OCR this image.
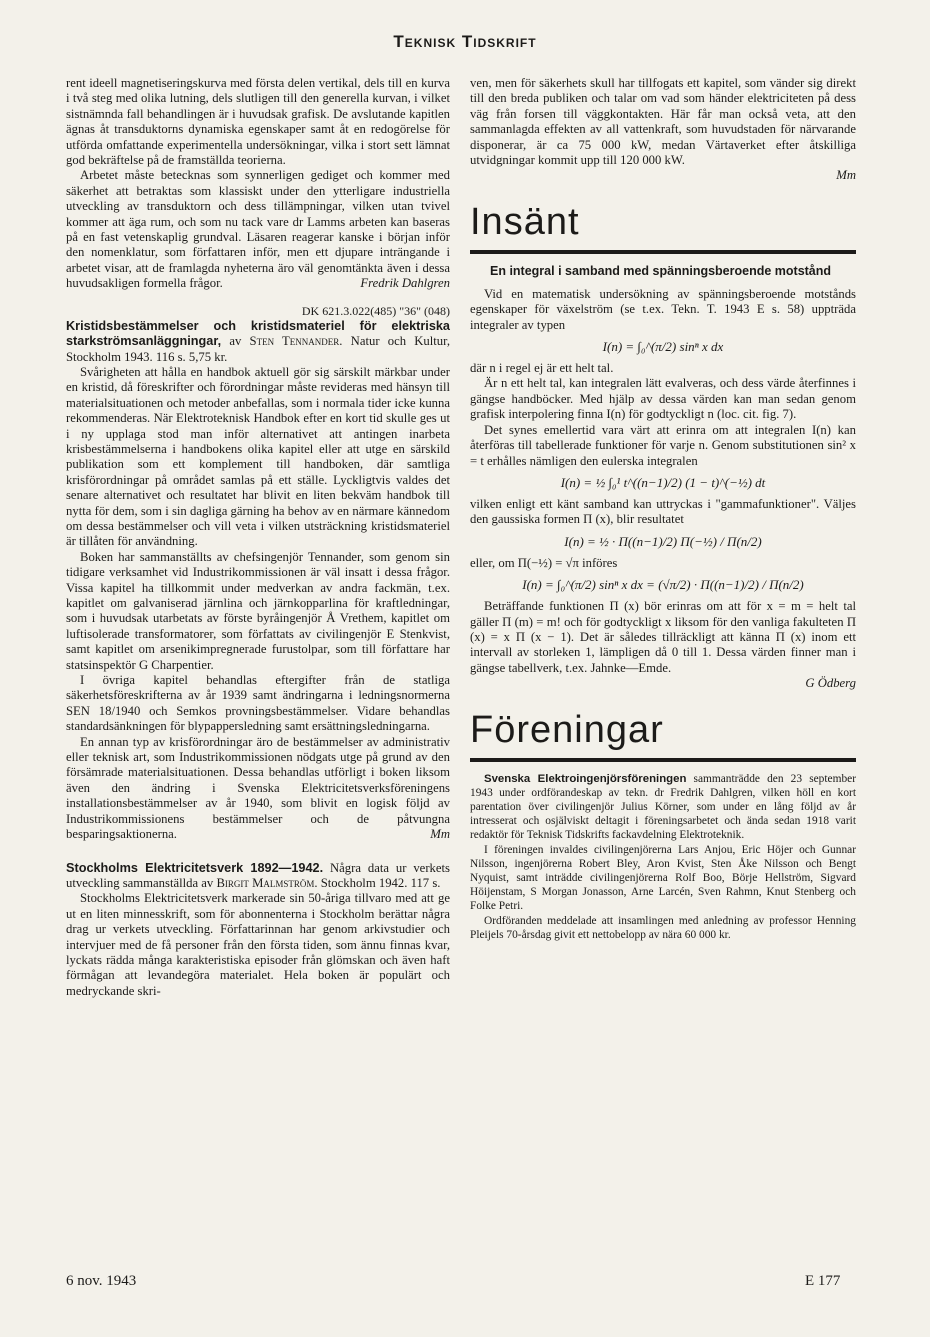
Teknisk Tidskrift

rent ideell magnetiseringskurva med första delen vertikal, dels till en kurva i två steg med olika lutning, dels slutligen till den generella kurvan, i vilket sistnämnda fall behandlingen är i huvudsak grafisk. De avslutande kapitlen ägnas åt transduktorns dynamiska egenskaper samt åt en redogörelse för utförda omfattande experimentella undersökningar, vilka i stort sett lämnat god bekräftelse på de framställda teorierna.

Arbetet måste betecknas som synnerligen gediget och kommer med säkerhet att betraktas som klassiskt under den ytterligare industriella utveckling av transduktorn och dess tillämpningar, vilken utan tvivel kommer att äga rum, och som nu tack vare dr Lamms arbeten kan baseras på en fast vetenskaplig grundval. Läsaren reagerar kanske i början inför den nomenklatur, som författaren inför, men ett djupare inträngande i arbetet visar, att de framlagda nyheterna äro väl genomtänkta även i dessa huvudsakligen formella frågor.	Fredrik Dahlgren

DK 621.3.022(485) "36" (048)

Kristidsbestämmelser och kristidsmateriel för elektriska starkströmsanläggningar, av Sten Tennander. Natur och Kultur, Stockholm 1943. 116 s. 5,75 kr.

Svårigheten att hålla en handbok aktuell gör sig särskilt märkbar under en kristid, då föreskrifter och förordningar måste revideras med hänsyn till materialsituationen och metoder anbefallas, som i normala tider icke kunna rekommenderas. När Elektroteknisk Handbok efter en kort tid skulle ges ut i ny upplaga stod man inför alternativet att antingen inarbeta krisbestämmelserna i handbokens olika kapitel eller att utge en särskild publikation som ett komplement till handboken, där samtliga krisförordningar på området samlas på ett ställe. Lyckligtvis valdes det senare alternativet och resultatet har blivit en liten bekväm handbok till nytta för dem, som i sin dagliga gärning ha behov av en närmare kännedom om dessa bestämmelser och vill veta i vilken utsträckning kristidsmateriel är tillåten för användning.

Boken har sammanställts av chefsingenjör Tennander, som genom sin tidigare verksamhet vid Industrikommissionen är väl insatt i dessa frågor. Vissa kapitel ha tillkommit under medverkan av andra fackmän, t.ex. kapitlet om galvaniserad järnlina och järnkopparlina för kraftledningar, som i huvudsak utarbetats av förste byråingenjör Å Vrethem, kapitlet om luftisolerade transformatorer, som författats av civilingenjör E Stenkvist, samt kapitlet om arsenikimpregnerade furustolpar, som till författare har statsinspektör G Charpentier.

I övriga kapitel behandlas eftergifter från de statliga säkerhetsföreskrifterna av år 1939 samt ändringarna i ledningsnormerna SEN 18/1940 och Semkos provningsbestämmelser. Vidare behandlas standardsänkningen för blypappersledning samt ersättningsledningarna.

En annan typ av krisförordningar äro de bestämmelser av administrativ eller teknisk art, som Industrikommissionen nödgats utge på grund av den försämrade materialsituationen. Dessa behandlas utförligt i boken liksom även den ändring i Svenska Elektricitetsverksföreningens installationsbestämmelser av år 1940, som blivit en logisk följd av Industrikommissionens bestämmelser och de påtvungna besparingsaktionerna.	Mm

Stockholms Elektricitetsverk 1892—1942. Några data ur verkets utveckling sammanställda av Birgit Malmström. Stockholm 1942. 117 s.

Stockholms Elektricitetsverk markerade sin 50-åriga tillvaro med att ge ut en liten minnesskrift, som för abonnenterna i Stockholm berättar några drag ur verkets utveckling. Författarinnan har genom arkivstudier och intervjuer med de få personer från den första tiden, som ännu finnas kvar, lyckats rädda många karakteristiska episoder från glömskan och även haft förmågan att levandegöra materialet. Hela boken är populärt och medryckande skri-

ven, men för säkerhets skull har tillfogats ett kapitel, som vänder sig direkt till den breda publiken och talar om vad som händer elektriciteten på dess väg från forsen till väggkontakten. Här får man också veta, att den sammanlagda effekten av all vattenkraft, som huvudstaden för närvarande disponerar, är ca 75 000 kW, medan Värtaverket efter åtskilliga utvidgningar kommit upp till 120 000 kW.

Mm
Insänt
En integral i samband med spänningsberoende motstånd

Vid en matematisk undersökning av spänningsberoende motstånds egenskaper för växelström (se t.ex. Tekn. T. 1943 E s. 58) uppträda integraler av typen

I(n) = ∫₀^(π/2) sinⁿ x dx

där n i regel ej är ett helt tal.

Är n ett helt tal, kan integralen lätt evalveras, och dess värde återfinnes i gängse handböcker. Med hjälp av dessa värden kan man sedan genom grafisk interpolering finna I(n) för godtyckligt n (loc. cit. fig. 7).

Det synes emellertid vara värt att erinra om att integralen I(n) kan återföras till tabellerade funktioner för varje n. Genom substitutionen sin² x = t erhålles nämligen den eulerska integralen

I(n) = ½ ∫₀¹ t^((n−1)/2) (1 − t)^(−½) dt

vilken enligt ett känt samband kan uttryckas i "gammafunktioner". Väljes den gaussiska formen Π (x), blir resultatet

I(n) = ½ · Π((n−1)/2) Π(−½) / Π(n/2)

eller, om Π(−½) = √π införes

I(n) = ∫₀^(π/2) sinⁿ x dx = (√π/2) · Π((n−1)/2) / Π(n/2)

Beträffande funktionen Π (x) bör erinras om att för x = m = helt tal gäller Π (m) = m! och för godtyckligt x liksom för den vanliga fakulteten Π (x) = x Π (x − 1). Det är således tillräckligt att känna Π (x) inom ett intervall av storleken 1, lämpligen då 0 till 1. Dessa värden finner man i gängse tabellverk, t.ex. Jahnke—Emde.

G Ödberg
Föreningar

Svenska Elektroingenjörsföreningen sammanträdde den 23 september 1943 under ordförandeskap av tekn. dr Fredrik Dahlgren, vilken höll en kort parentation över civilingenjör Julius Körner, som under en lång följd av år intresserat och osjälviskt deltagit i föreningsarbetet och ända sedan 1918 varit redaktör för Teknisk Tidskrifts fackavdelning Elektroteknik.

I föreningen invaldes civilingenjörerna Lars Anjou, Eric Höjer och Gunnar Nilsson, ingenjörerna Robert Bley, Aron Kvist, Sten Åke Nilsson och Bengt Nyquist, samt inträdde civilingenjörerna Rolf Boo, Börje Hellström, Sigvard Höijenstam, S Morgan Jonasson, Arne Larcén, Sven Rahmn, Knut Stenberg och Folke Petri.

Ordföranden meddelade att insamlingen med anledning av professor Henning Pleijels 70-årsdag givit ett nettobelopp av nära 60 000 kr.

6 nov. 1943	E 177
